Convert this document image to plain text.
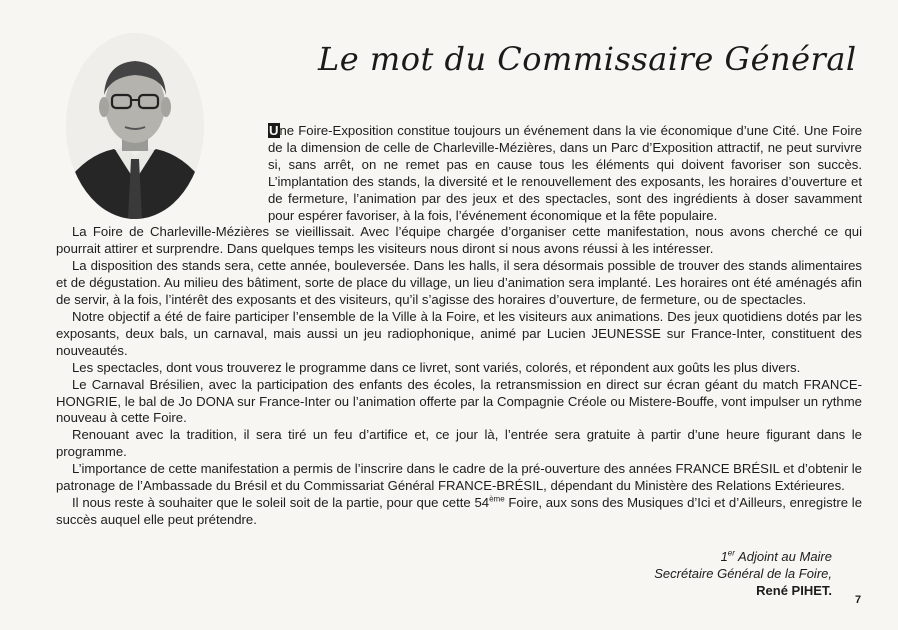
Le mot du Commissaire Général

Une Foire-Exposition constitue toujours un événement dans la vie économique d’une Cité. Une Foire de la dimension de celle de Charleville-Mézières, dans un Parc d’Exposition attractif, ne peut survivre si, sans arrêt, on ne remet pas en cause tous les éléments qui doivent favoriser son succès. L’implantation des stands, la diversité et le renouvellement des exposants, les horaires d’ouverture et de fermeture, l’animation par des jeux et des spectacles, sont des ingrédients à doser savamment pour espérer favoriser, à la fois, l’événement économique et la fête populaire.

La Foire de Charleville-Mézières se vieillissait. Avec l’équipe chargée d’organiser cette manifestation, nous avons cherché ce qui pourrait attirer et surprendre. Dans quelques temps les visiteurs nous diront si nous avons réussi à les intéresser.

La disposition des stands sera, cette année, bouleversée. Dans les halls, il sera désormais possible de trouver des stands alimentaires et de dégustation. Au milieu des bâtiment, sorte de place du village, un lieu d’animation sera implanté. Les horaires ont été aménagés afin de servir, à la fois, l’intérêt des exposants et des visiteurs, qu’il s’agisse des horaires d’ouverture, de fermeture, ou de spectacles.

Notre objectif a été de faire participer l’ensemble de la Ville à la Foire, et les visiteurs aux animations. Des jeux quotidiens dotés par les exposants, deux bals, un carnaval, mais aussi un jeu radiophonique, animé par Lucien JEUNESSE sur France-Inter, constituent des nouveautés.

Les spectacles, dont vous trouverez le programme dans ce livret, sont variés, colorés, et répondent aux goûts les plus divers.

Le Carnaval Brésilien, avec la participation des enfants des écoles, la retransmission en direct sur écran géant du match FRANCE-HONGRIE, le bal de Jo DONA sur France-Inter ou l’animation offerte par la Compagnie Créole ou Mistere-Bouffe, vont impulser un rythme nouveau à cette Foire.

Renouant avec la tradition, il sera tiré un feu d’artifice et, ce jour là, l’entrée sera gratuite à partir d’une heure figurant dans le programme.

L’importance de cette manifestation a permis de l’inscrire dans le cadre de la pré-ouverture des années FRANCE BRÉSIL et d’obtenir le patronage de l’Ambassade du Brésil et du Commissariat Général FRANCE-BRÉSIL, dépendant du Ministère des Relations Extérieures.

Il nous reste à souhaiter que le soleil soit de la partie, pour que cette 54ème Foire, aux sons des Musiques d’Ici et d’Ailleurs, enregistre le succès auquel elle peut prétendre.

1er Adjoint au Maire
Secrétaire Général de la Foire,
René PIHET.
7
